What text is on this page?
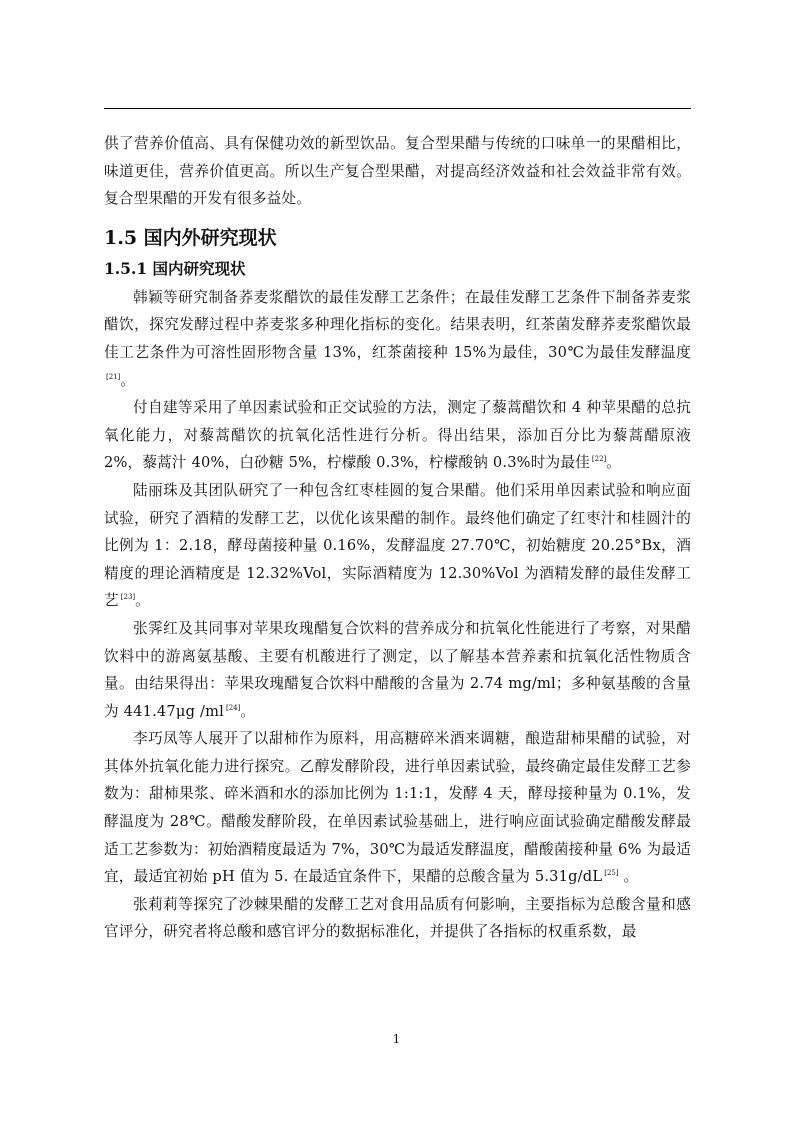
供了营养价值高、具有保健功效的新型饮品。复合型果醋与传统的口味单一的果醋相比，味道更佳，营养价值更高。所以生产复合型果醋，对提高经济效益和社会效益非常有效。复合型果醋的开发有很多益处。

1.5 国内外研究现状
1.5.1 国内研究现状

韩颖等研究制备荞麦浆醋饮的最佳发酵工艺条件；在最佳发酵工艺条件下制备荞麦浆醋饮，探究发酵过程中荞麦浆多种理化指标的变化。结果表明，红茶菌发酵荞麦浆醋饮最佳工艺条件为可溶性固形物含量 13%，红茶菌接种 15%为最佳，30℃为最佳发酵温度[21]。

付自建等采用了单因素试验和正交试验的方法，测定了藜蒿醋饮和 4 种苹果醋的总抗氧化能力，对藜蒿醋饮的抗氧化活性进行分析。得出结果，添加百分比为藜蒿醋原液 2%，藜蒿汁 40%，白砂糖 5%，柠檬酸 0.3%，柠檬酸钠 0.3%时为最佳 [22]。

陆丽珠及其团队研究了一种包含红枣桂圆的复合果醋。他们采用单因素试验和响应面试验，研究了酒精的发酵工艺，以优化该果醋的制作。最终他们确定了红枣汁和桂圆汁的比例为 1：2.18，酵母菌接种量 0.16%，发酵温度 27.70℃，初始糖度 20.25°Bx，酒精度的理论酒精度是 12.32%Vol，实际酒精度为 12.30%Vol 为酒精发酵的最佳发酵工艺 [23]。

张霁红及其同事对苹果玫瑰醋复合饮料的营养成分和抗氧化性能进行了考察，对果醋饮料中的游离氨基酸、主要有机酸进行了测定，以了解基本营养素和抗氧化活性物质含量。由结果得出：苹果玫瑰醋复合饮料中醋酸的含量为 2.74 mg/ml；多种氨基酸的含量为 441.47μg /ml [24]。

李巧凤等人展开了以甜柿作为原料，用高糖碎米酒来调糖，酿造甜柿果醋的试验，对其体外抗氧化能力进行探究。乙醇发酵阶段，进行单因素试验，最终确定最佳发酵工艺参数为：甜柿果浆、碎米酒和水的添加比例为 1:1:1，发酵 4 天，酵母接种量为 0.1%，发酵温度为 28℃。醋酸发酵阶段，在单因素试验基础上，进行响应面试验确定醋酸发酵最适工艺参数为：初始酒精度最适为 7%，30℃为最适发酵温度，醋酸菌接种量 6% 为最适宜，最适宜初始 pH 值为 5. 在最适宜条件下，果醋的总酸含量为 5.31g/dL [25] 。

张莉莉等探究了沙棘果醋的发酵工艺对食用品质有何影响，主要指标为总酸含量和感官评分，研究者将总酸和感官评分的数据标准化，并提供了各指标的权重系数，最

1
